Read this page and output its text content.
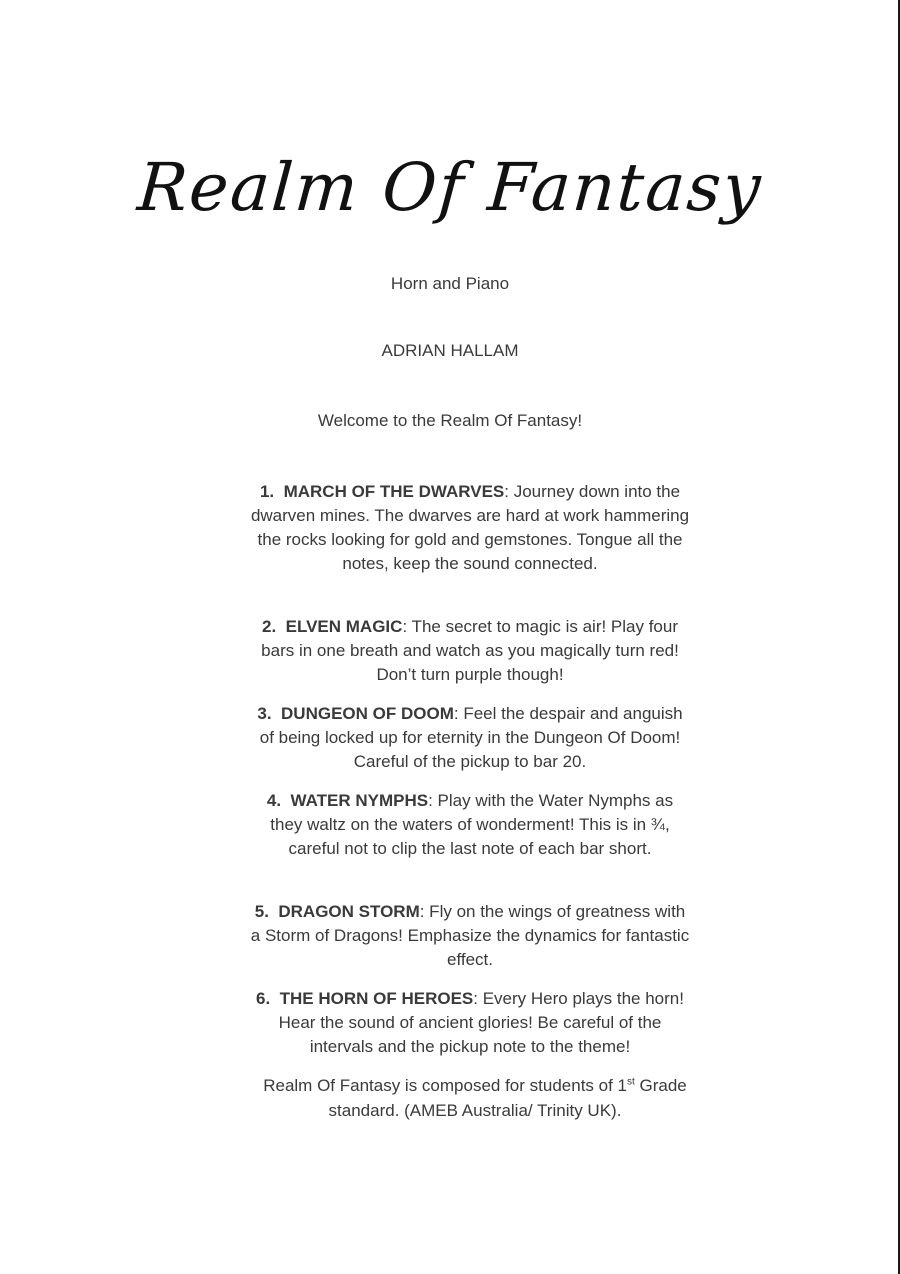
Realm Of Fantasy
Horn and Piano
ADRIAN HALLAM
Welcome to the Realm Of Fantasy!
1. MARCH OF THE DWARVES: Journey down into the dwarven mines. The dwarves are hard at work hammering the rocks looking for gold and gemstones. Tongue all the notes, keep the sound connected.
2. ELVEN MAGIC: The secret to magic is air! Play four bars in one breath and watch as you magically turn red! Don’t turn purple though!
3. DUNGEON OF DOOM: Feel the despair and anguish of being locked up for eternity in the Dungeon Of Doom! Careful of the pickup to bar 20.
4. WATER NYMPHS: Play with the Water Nymphs as they waltz on the waters of wonderment! This is in ¾, careful not to clip the last note of each bar short.
5. DRAGON STORM: Fly on the wings of greatness with a Storm of Dragons! Emphasize the dynamics for fantastic effect.
6. THE HORN OF HEROES: Every Hero plays the horn! Hear the sound of ancient glories! Be careful of the intervals and the pickup note to the theme!
Realm Of Fantasy is composed for students of 1st Grade standard. (AMEB Australia/ Trinity UK).
